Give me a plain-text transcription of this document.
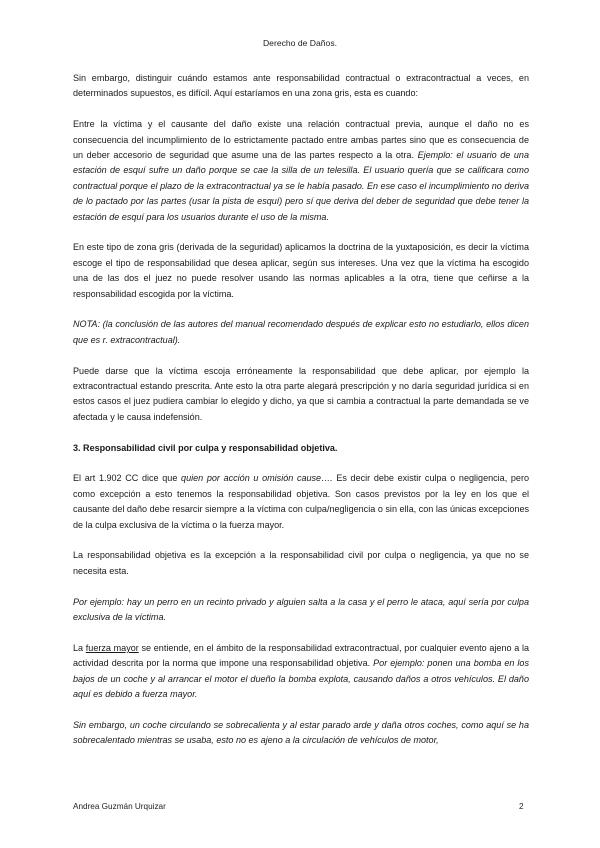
Derecho de Daños.

Sin embargo, distinguir cuándo estamos ante responsabilidad contractual o extracontractual a veces, en determinados supuestos, es difícil. Aquí estaríamos en una zona gris, esta es cuando:

Entre la víctima y el causante del daño existe una relación contractual previa, aunque el daño no es consecuencia del incumplimiento de lo estrictamente pactado entre ambas partes sino que es consecuencia de un deber accesorio de seguridad que asume una de las partes respecto a la otra. Ejemplo: el usuario de una estación de esquí sufre un daño porque se cae la silla de un telesilla. El usuario quería que se calificara como contractual porque el plazo de la extracontractual ya se le había pasado. En ese caso el incumplimiento no deriva de lo pactado por las partes (usar la pista de esquí) pero sí que deriva del deber de seguridad que debe tener la estación de esquí para los usuarios durante el uso de la misma.

En este tipo de zona gris (derivada de la seguridad) aplicamos la doctrina de la yuxtaposición, es decir la víctima escoge el tipo de responsabilidad que desea aplicar, según sus intereses. Una vez que la víctima ha escogido una de las dos el juez no puede resolver usando las normas aplicables a la otra, tiene que ceñirse a la responsabilidad escogida por la víctima.

NOTA: (la conclusión de las autores del manual recomendado después de explicar esto no estudiarlo, ellos dicen que es r. extracontractual).

Puede darse que la víctima escoja erróneamente la responsabilidad que debe aplicar, por ejemplo la extracontractual estando prescrita. Ante esto la otra parte alegará prescripción y no daría seguridad jurídica si en estos casos el juez pudiera cambiar lo elegido y dicho, ya que si cambia a contractual la parte demandada se ve afectada y le causa indefensión.

3. Responsabilidad civil por culpa y responsabilidad objetiva.

El art 1.902 CC dice que quien por acción u omisión cause…. Es decir debe existir culpa o negligencia, pero como excepción a esto tenemos la responsabilidad objetiva. Son casos previstos por la ley en los que el causante del daño debe resarcir siempre a la víctima con culpa/negligencia o sin ella, con las únicas excepciones de la culpa exclusiva de la víctima o la fuerza mayor.

La responsabilidad objetiva es la excepción a la responsabilidad civil por culpa o negligencia, ya que no se necesita esta.

Por ejemplo: hay un perro en un recinto privado y alguien salta a la casa y el perro le ataca, aquí sería por culpa exclusiva de la víctima.

La fuerza mayor se entiende, en el ámbito de la responsabilidad extracontractual, por cualquier evento ajeno a la actividad descrita por la norma que impone una responsabilidad objetiva. Por ejemplo: ponen una bomba en los bajos de un coche y al arrancar el motor el dueño la bomba explota, causando daños a otros vehículos. El daño aquí es debido a fuerza mayor.

Sin embargo, un coche circulando se sobrecalienta y al estar parado arde y daña otros coches, como aquí se ha sobrecalentado mientras se usaba, esto no es ajeno a la circulación de vehículos de motor,

Andrea Guzmán Urquizar	2
